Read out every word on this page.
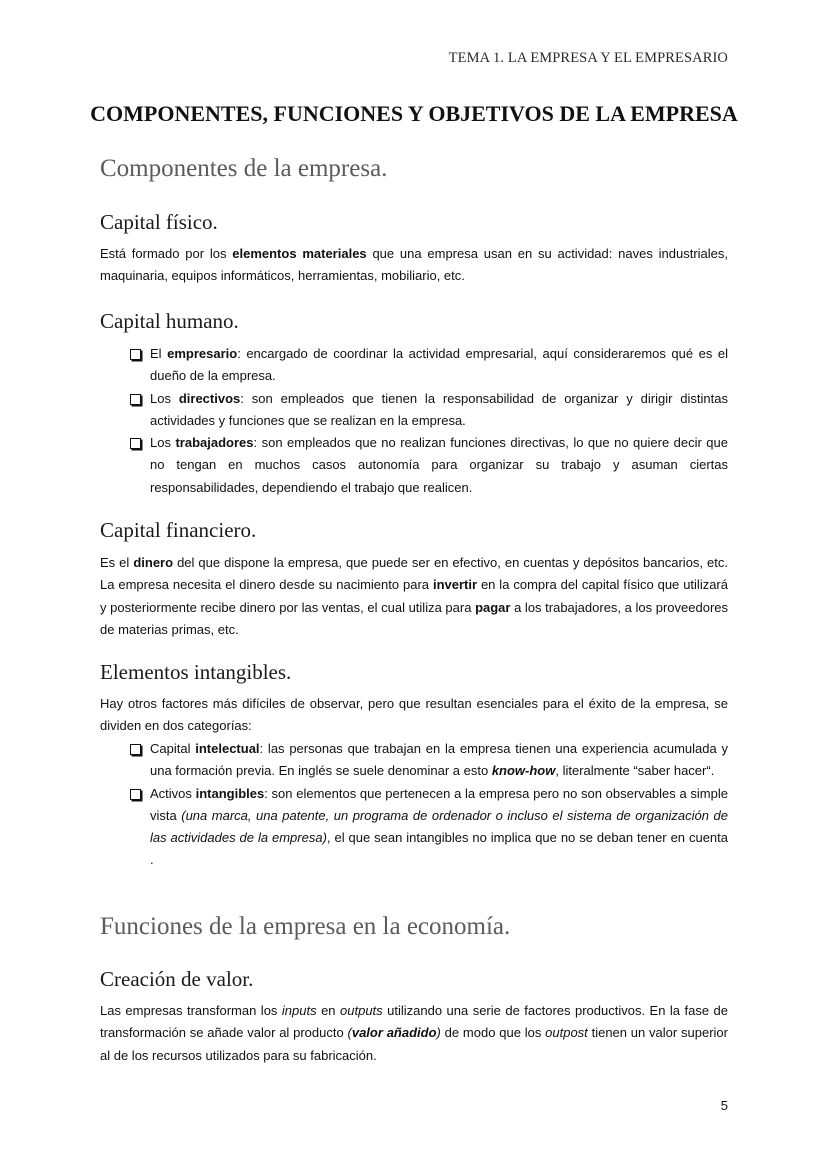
TEMA 1. LA EMPRESA Y EL EMPRESARIO
COMPONENTES, FUNCIONES Y OBJETIVOS DE LA EMPRESA
Componentes de la empresa.
Capital físico.

Está formado por los elementos materiales que una empresa usan en su actividad: naves industriales, maquinaria, equipos informáticos, herramientas, mobiliario, etc.

Capital humano.
El empresario: encargado de coordinar la actividad empresarial, aquí consideraremos qué es el dueño de la empresa.
Los directivos: son empleados que tienen la responsabilidad de organizar y dirigir distintas actividades y funciones que se realizan en la empresa.
Los trabajadores: son empleados que no realizan funciones directivas, lo que no quiere decir que no tengan en muchos casos autonomía para organizar su trabajo y asuman ciertas responsabilidades, dependiendo el trabajo que realicen.
Capital financiero.

Es el dinero del que dispone la empresa, que puede ser en efectivo, en cuentas y depósitos bancarios, etc. La empresa necesita el dinero desde su nacimiento para invertir en la compra del capital físico que utilizará y posteriormente recibe dinero por las ventas, el cual utiliza para pagar a los trabajadores, a los proveedores de materias primas, etc.

Elementos intangibles.

Hay otros factores más difíciles de observar, pero que resultan esenciales para el éxito de la empresa, se dividen en dos categorías:

Capital intelectual: las personas que trabajan en la empresa tienen una experiencia acumulada y una formación previa. En inglés se suele denominar a esto know-how, literalmente “saber hacer“.
Activos intangibles: son elementos que pertenecen a la empresa pero no son observables a simple vista (una marca, una patente, un programa de ordenador o incluso el sistema de organización de las actividades de la empresa), el que sean intangibles no implica que no se deban tener en cuenta .
Funciones de la empresa en la economía.
Creación de valor.

Las empresas transforman los inputs en outputs utilizando una serie de factores productivos. En la fase de transformación se añade valor al producto (valor añadido) de modo que los outpost tienen un valor superior al de los recursos utilizados para su fabricación.

5
